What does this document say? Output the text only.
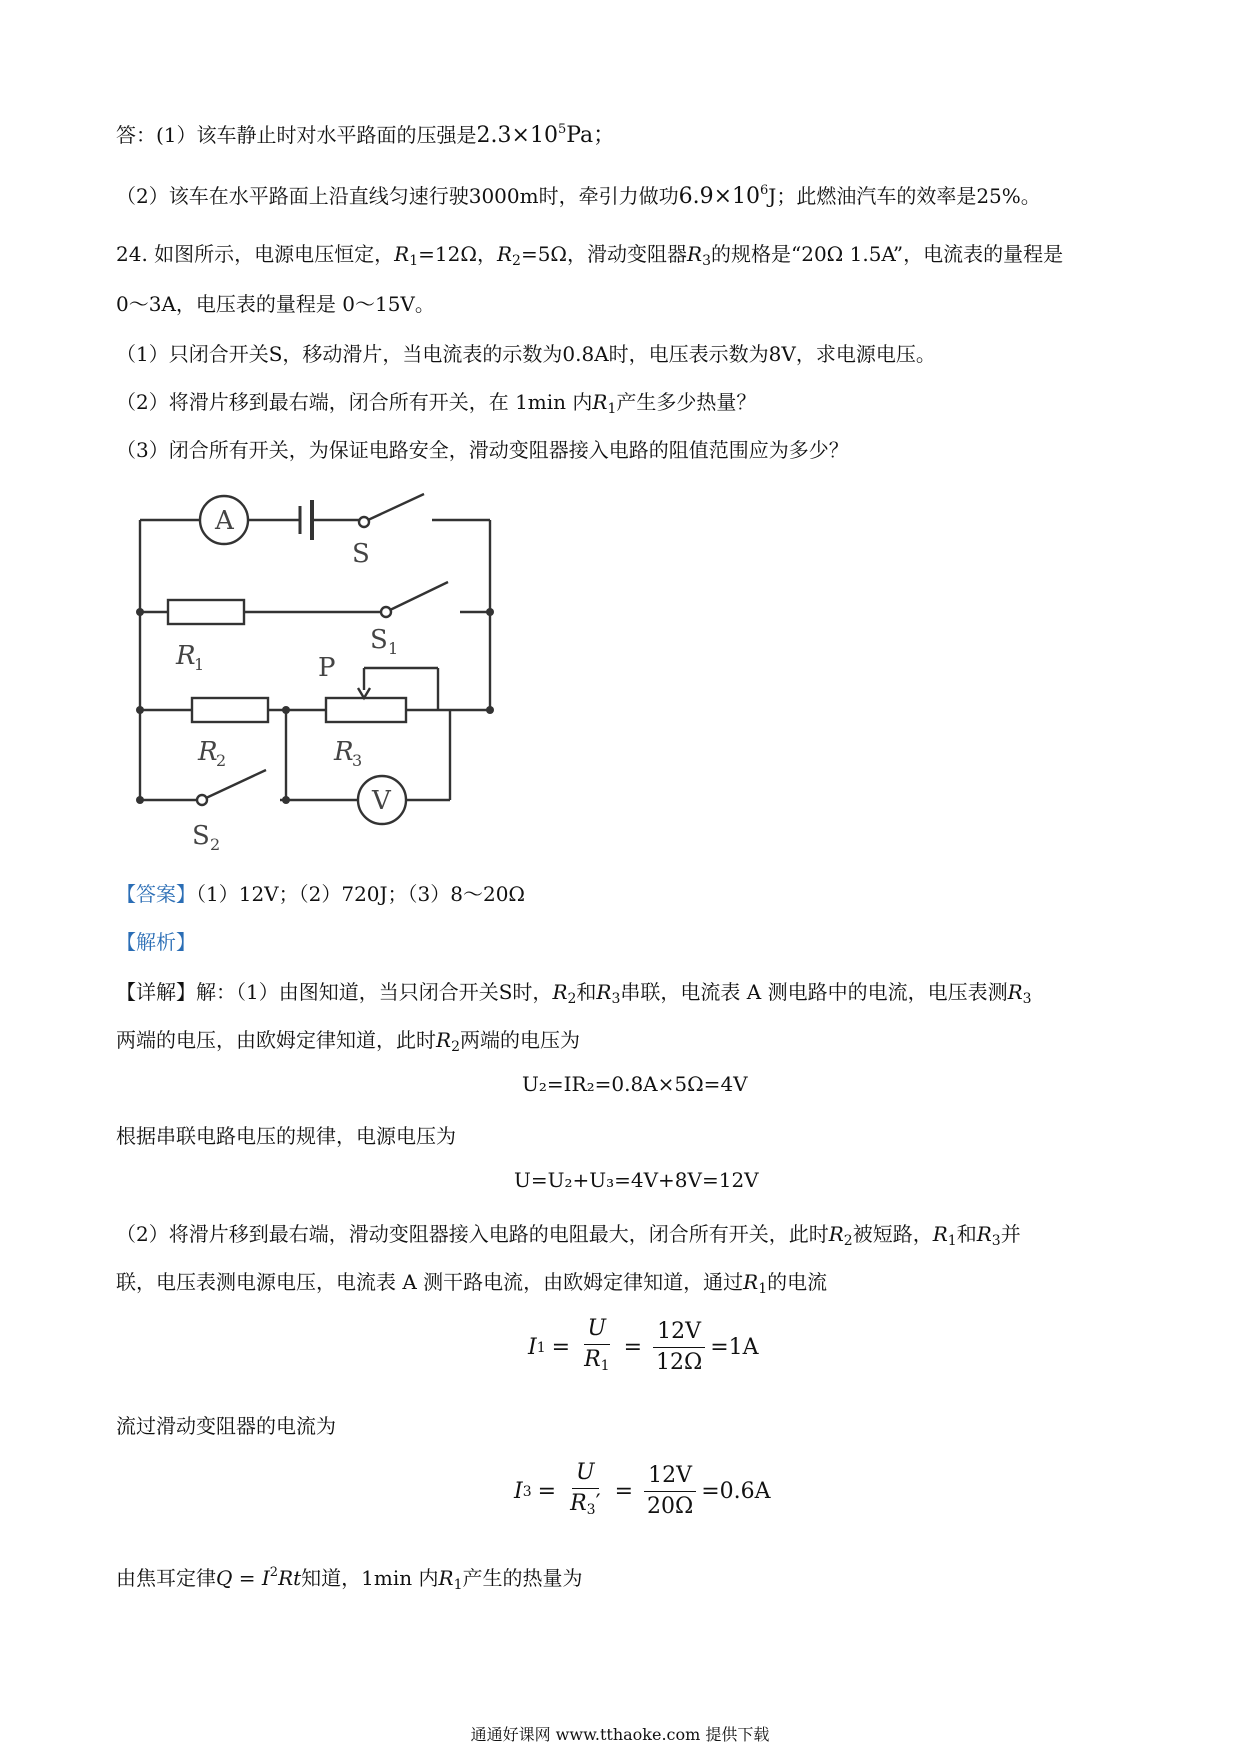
答：(1）该车静止时对水平路面的压强是$2.3\times 10^5Pa$；
（2）该车在水平路面上沿直线匀速行驶3000m时，牵引力做功$6.9\times 10^6J$；此燃油汽车的效率是25%。
24. 如图所示，电源电压恒定，$R_1=12\Omega$，$R_2=5\Omega$，滑动变阻器$R_3$的规格是“20Ω 1.5A”，电流表的量程是
0～3A，电压表的量程是 0～15V。
（1）只闭合开关S，移动滑片，当电流表的示数为0.8A时，电压表示数为8V，求电源电压。
（2）将滑片移到最右端，闭合所有开关，在 1min 内$R_1$产生多少热量？
（3）闭合所有开关，为保证电路安全，滑动变阻器接入电路的阻值范围应为多少？
A
V
S
S 1
S 2
R
1
R
2	R
3
P
【答案】（1）12V；（2）720J；（3）8～20Ω
【解析】
【详解】解：（1）由图知道，当只闭合开关S时，$R_2$和$R_3$串联，电流表 A 测电路中的电流，电压表测$R_3$
两端的电压，由欧姆定律知道，此时$R_2$两端的电压为
U₂=IR₂=0.8A×5Ω=4V
根据串联电路电压的规律，电源电压为
U=U₂+U₃=4V+8V=12V
（2）将滑片移到最右端，滑动变阻器接入电路的电阻最大，闭合所有开关，此时$R_2$被短路，$R_1$和$R_3$并
联，电压表测电源电压，电流表 A 测干路电流，由欧姆定律知道，通过$R_1$的电流
I $1 = \frac{U}{R_1} = \frac{12V}{12\Omega} =1A$
流过滑动变阻器的电流为
I $3 = \frac{U}{R_3'} = \frac{12V}{20\Omega} =0.6A$
由焦耳定律$Q = I^2Rt$知道，1min 内$R_1$产生的热量为
通通好课网 www.tthaoke.com 提供下载
